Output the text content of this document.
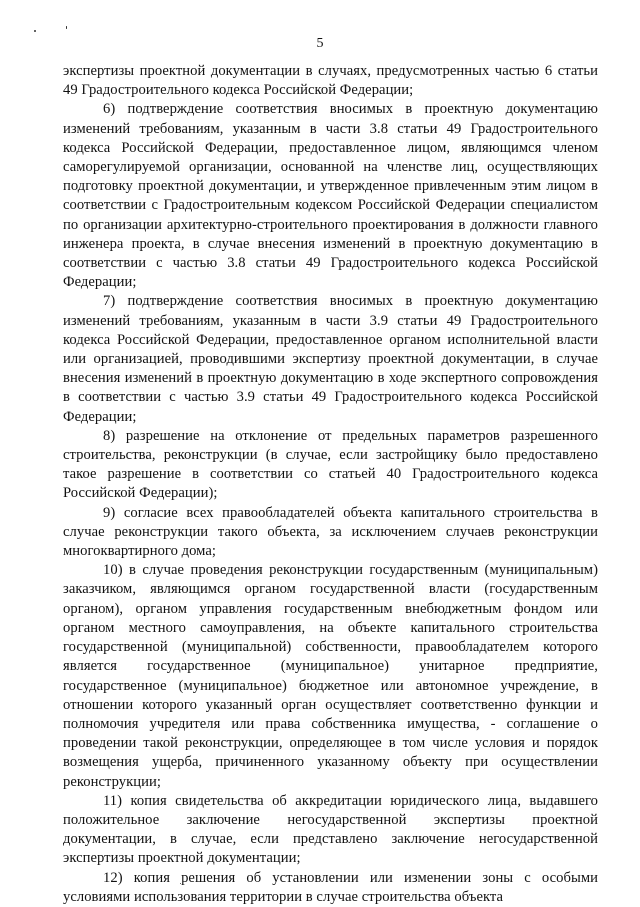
5

экспертизы проектной документации в случаях, предусмотренных частью 6 статьи 49 Градостроительного кодекса Российской Федерации;

6) подтверждение соответствия вносимых в проектную документацию изменений требованиям, указанным в части 3.8 статьи 49 Градостроительного кодекса Российской Федерации, предоставленное лицом, являющимся членом саморегулируемой организации, основанной на членстве лиц, осуществляющих подготовку проектной документации, и утвержденное привлеченным этим лицом в соответствии с Градостроительным кодексом Российской Федерации специалистом по организации архитектурно-строительного проектирования в должности главного инженера проекта, в случае внесения изменений в проектную документацию в соответствии с частью 3.8 статьи 49 Градостроительного кодекса Российской Федерации;

7) подтверждение соответствия вносимых в проектную документацию изменений требованиям, указанным в части 3.9 статьи 49 Градостроительного кодекса Российской Федерации, предоставленное органом исполнительной власти или организацией, проводившими экспертизу проектной документации, в случае внесения изменений в проектную документацию в ходе экспертного сопровождения в соответствии с частью 3.9 статьи 49 Градостроительного кодекса Российской Федерации;

8) разрешение на отклонение от предельных параметров разрешенного строительства, реконструкции (в случае, если застройщику было предоставлено такое разрешение в соответствии со статьей 40 Градостроительного кодекса Российской Федерации);

9) согласие всех правообладателей объекта капитального строительства в случае реконструкции такого объекта, за исключением случаев реконструкции многоквартирного дома;

10) в случае проведения реконструкции государственным (муниципальным) заказчиком, являющимся органом государственной власти (государственным органом), органом управления государственным внебюджетным фондом или органом местного самоуправления, на объекте капитального строительства государственной (муниципальной) собственности, правообладателем которого является государственное (муниципальное) унитарное предприятие, государственное (муниципальное) бюджетное или автономное учреждение, в отношении которого указанный орган осуществляет соответственно функции и полномочия учредителя или права собственника имущества, - соглашение о проведении такой реконструкции, определяющее в том числе условия и порядок возмещения ущерба, причиненного указанному объекту при осуществлении реконструкции;

11) копия свидетельства об аккредитации юридического лица, выдавшего положительное заключение негосударственной экспертизы проектной документации, в случае, если представлено заключение негосударственной экспертизы проектной документации;

12) копия решения об установлении или изменении зоны с особыми условиями использования территории в случае строительства объекта
